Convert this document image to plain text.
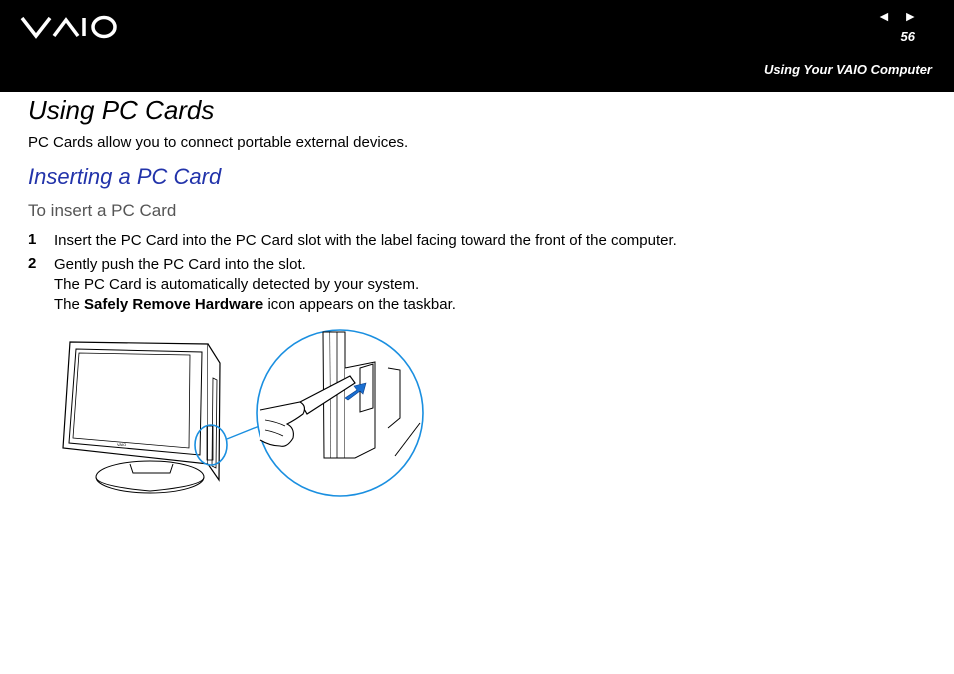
◄ ►
56
Using Your VAIO Computer
Using PC Cards

PC Cards allow you to connect portable external devices.

Inserting a PC Card

To insert a PC Card

1 Insert the PC Card into the PC Card slot with the label facing toward the front of the computer.
2 Gently push the PC Card into the slot.
The PC Card is automatically detected by your system.
The Safely Remove Hardware icon appears on the taskbar.
VAIO
